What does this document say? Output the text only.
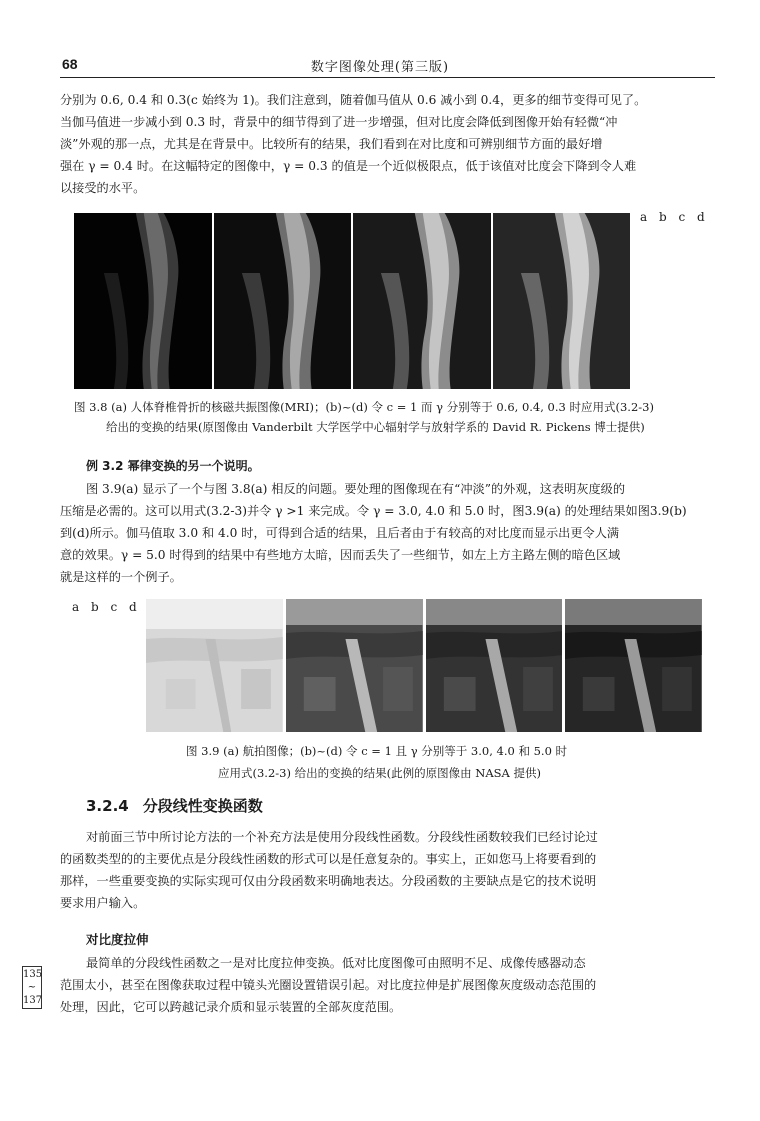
68	数字图像处理(第三版)
分别为 0.6, 0.4 和 0.3(c 始终为 1)。我们注意到，随着伽马值从 0.6 减小到 0.4，更多的细节变得可见了。
当伽马值进一步减小到 0.3 时，背景中的细节得到了进一步增强，但对比度会降低到图像开始有轻微“冲
淡”外观的那一点，尤其是在背景中。比较所有的结果，我们看到在对比度和可辨别细节方面的最好增
强在 γ = 0.4 时。在这幅特定的图像中，γ = 0.3 的值是一个近似极限点，低于该值对比度会下降到令人难
以接受的水平。
a b c d
图 3.8 (a) 人体脊椎骨折的核磁共振图像(MRI)；(b)~(d) 令 c = 1 而 γ 分别等于 0.6, 0.4, 0.3 时应用式(3.2-3)
给出的变换的结果(原图像由 Vanderbilt 大学医学中心辐射学与放射学系的 David R. Pickens 博士提供)
例 3.2 幂律变换的另一个说明。
图 3.9(a) 显示了一个与图 3.8(a) 相反的问题。要处理的图像现在有“冲淡”的外观，这表明灰度级的
压缩是必需的。这可以用式(3.2-3)并令 γ >1 来完成。令 γ = 3.0, 4.0 和 5.0 时，图3.9(a) 的处理结果如图3.9(b)
到(d)所示。伽马值取 3.0 和 4.0 时，可得到合适的结果，且后者由于有较高的对比度而显示出更令人满
意的效果。γ = 5.0 时得到的结果中有些地方太暗，因而丢失了一些细节，如左上方主路左侧的暗色区域
就是这样的一个例子。
a b c d
图 3.9 (a) 航拍图像；(b)~(d) 令 c = 1 且 γ 分别等于 3.0, 4.0 和 5.0 时
应用式(3.2-3) 给出的变换的结果(此例的原图像由 NASA 提供)
3.2.4 分段线性变换函数
对前面三节中所讨论方法的一个补充方法是使用分段线性函数。分段线性函数较我们已经讨论过
的函数类型的的主要优点是分段线性函数的形式可以是任意复杂的。事实上，正如您马上将要看到的
那样，一些重要变换的实际实现可仅由分段函数来明确地表达。分段函数的主要缺点是它的技术说明
要求用户输入。
对比度拉伸
最简单的分段线性函数之一是对比度拉伸变换。低对比度图像可由照明不足、成像传感器动态
范围太小，甚至在图像获取过程中镜头光圈设置错误引起。对比度拉伸是扩展图像灰度级动态范围的
处理，因此，它可以跨越记录介质和显示装置的全部灰度范围。
135
~
137
